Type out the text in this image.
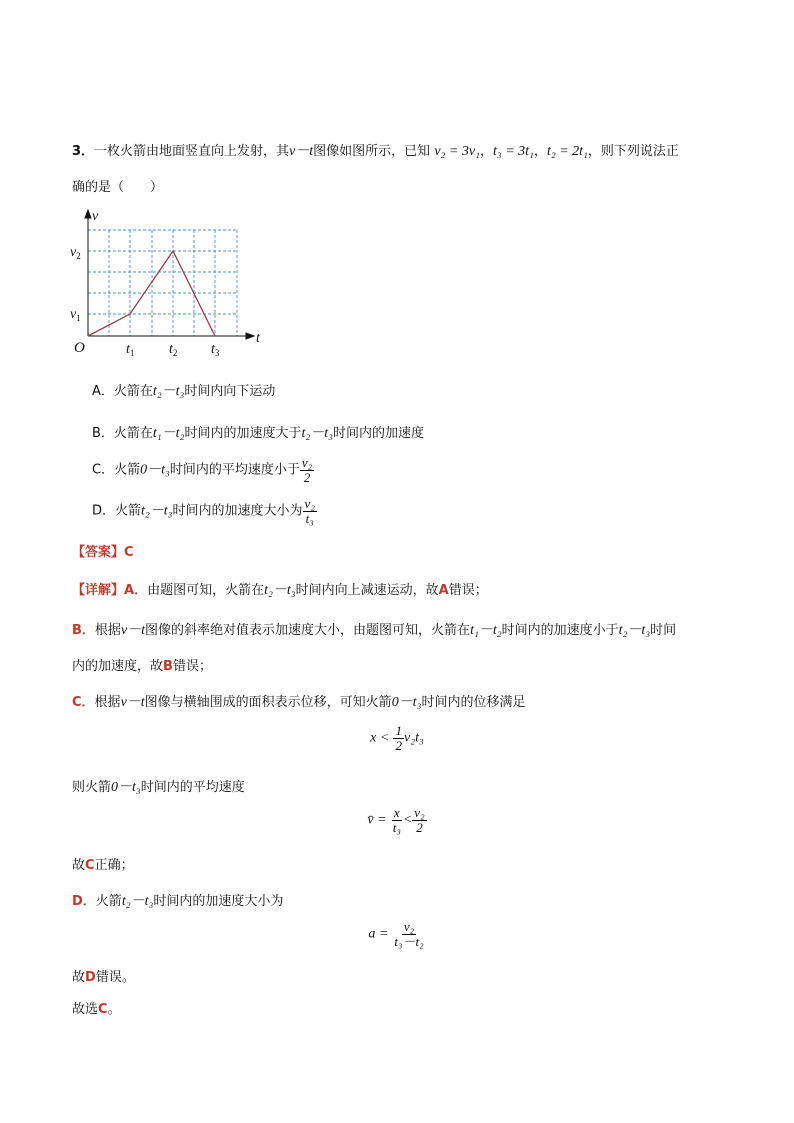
3．一枚火箭由地面竖直向上发射，其v－t图像如图所示，已知 v₂ = 3v₁，t₃ = 3t₁，t₂ = 2t₁，则下列说法正
确的是（　　）
v
t
O
$v_2$
$v_1$
$t_1$ $t_2$ $t_3$
A．火箭在t₂－t₃时间内向下运动
B．火箭在t₁－t₂时间内的加速度大于t₂－t₃时间内的加速度
C．火箭0－t₃时间内的平均速度小于 $\frac{\text{v₂}}{2}$
D．火箭t₂－t₃时间内的加速度大小为 $\frac{\text{v₂}}{\text{t₃}}$
【答案】C
【详解】A．由题图可知，火箭在t₂－t₃时间内向上减速运动，故A错误；
B．根据v－t图像的斜率绝对值表示加速度大小，由题图可知，火箭在t₁－t₂时间内的加速度小于t₂－t₃时间
内的加速度，故B错误；
C．根据v－t图像与横轴围成的面积表示位移，可知火箭0－t₃时间内的位移满足
$x < \frac{1}{2} v_2t_3$
则火箭0－t₃时间内的平均速度
v̄ = $\frac{x}{\text{t₃}} < \frac{\text{v₂}}{2}$
故C正确；
D．火箭t₂－t₃时间内的加速度大小为
$a = \frac{\text{v₂}}{\text{t₃－t₂}}$
故D错误。
故选C。
